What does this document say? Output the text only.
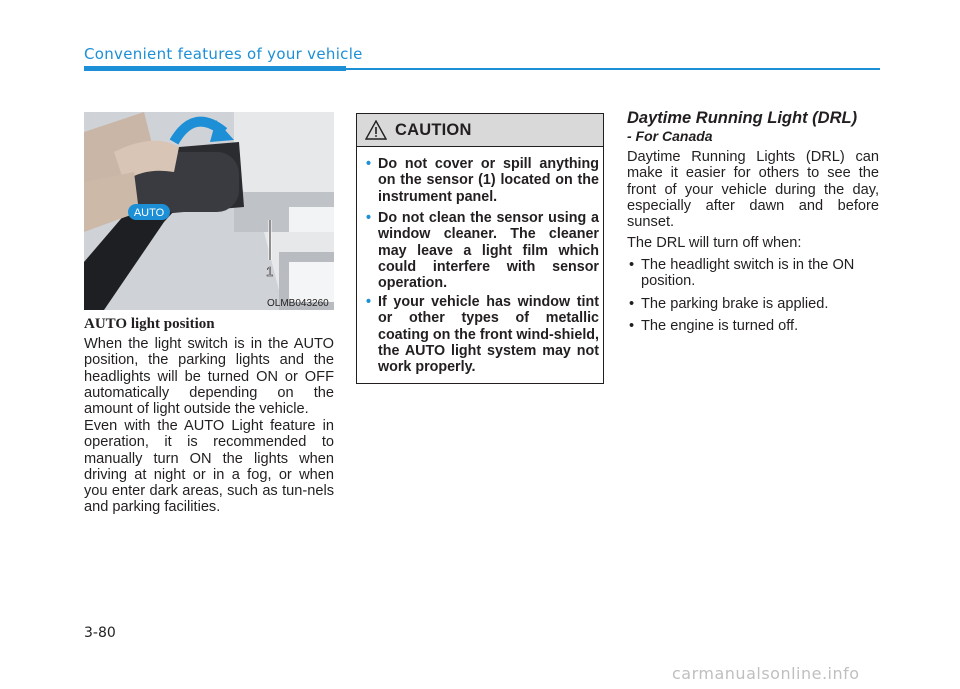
Convenient features of your vehicle
AUTO
1
OLMB043260
AUTO light position
When the light switch is in the AUTO position, the parking lights and the headlights will be turned ON or OFF automatically depending on the amount of light outside the vehicle.
Even with the AUTO Light feature in operation, it is recommended to manually turn ON the lights when driving at night or in a fog, or when you enter dark areas, such as tun-nels and parking facilities.
CAUTION
• Do not cover or spill anything on the sensor (1) located on the instrument panel.
• Do not clean the sensor using a window cleaner. The cleaner may leave a light film which could interfere with sensor operation.
• If your vehicle has window tint or other types of metallic coating on the front wind-shield, the AUTO light system may not work properly.
Daytime Running Light (DRL)
- For Canada
Daytime Running Lights (DRL) can make it easier for others to see the front of your vehicle during the day, especially after dawn and before sunset.
The DRL will turn off when:
• The headlight switch is in the ON position.
• The parking brake is applied.
• The engine is turned off.
3-80
carmanualsonline.info
